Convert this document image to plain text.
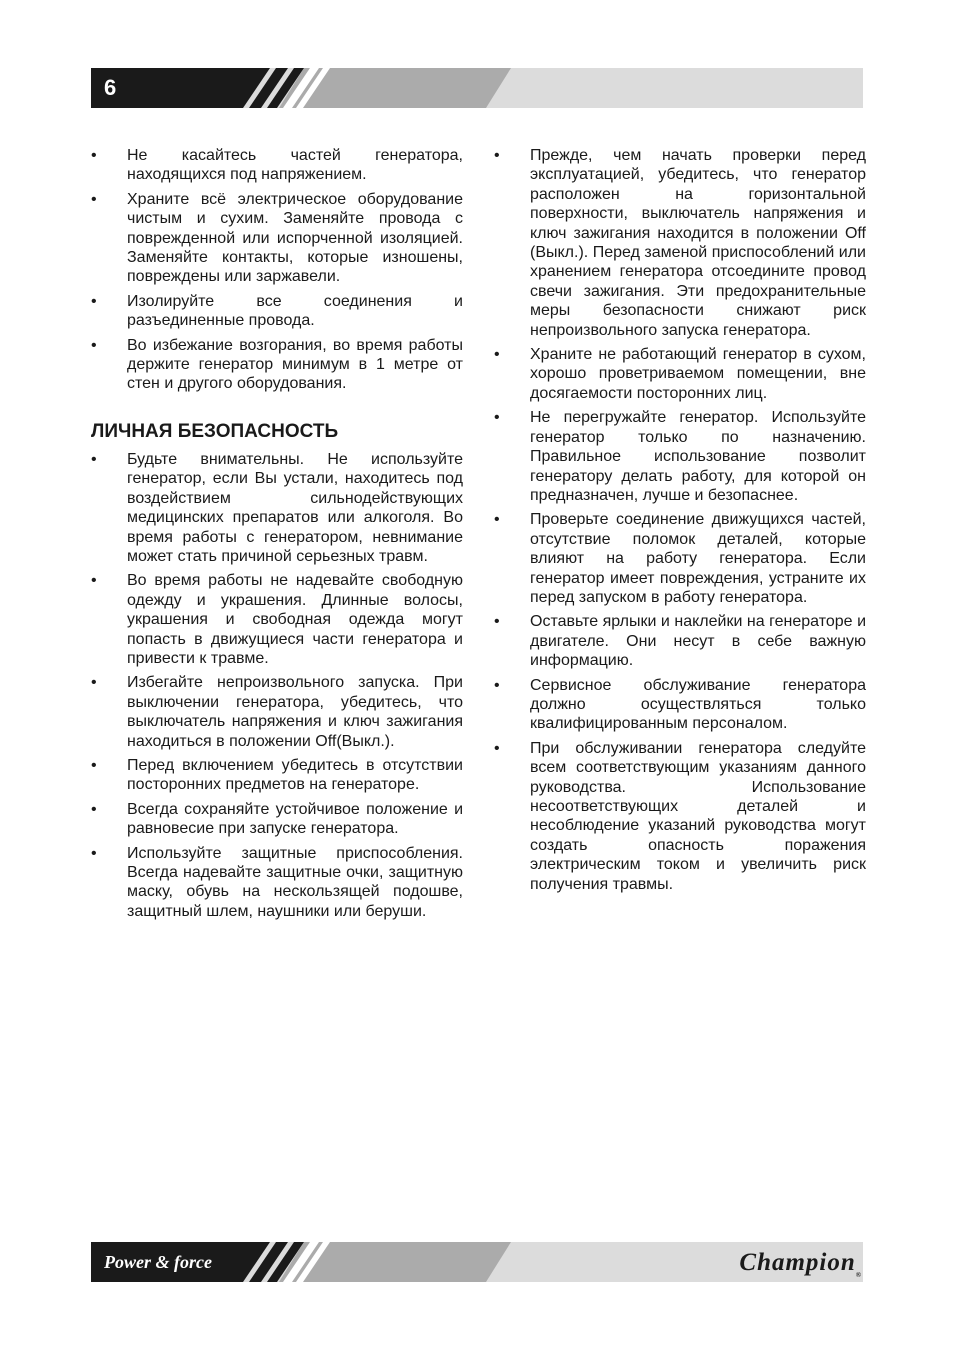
6
• Не касайтесь частей генератора, находящихся под напряжением.
• Храните всё электрическое оборудование чистым и сухим. Заменяйте провода с поврежденной или испорченной изоляцией. Заменяйте контакты, которые изношены, повреждены или заржавели.
• Изолируйте все соединения и разъединенные провода.
• Во избежание возгорания, во время работы держите генератор минимум в 1 метре от стен и другого оборудования.
ЛИЧНАЯ БЕЗОПАСНОСТЬ
• Будьте внимательны. Не используйте генератор, если Вы устали, находитесь под воздействием сильнодействующих медицинских препаратов или алкоголя. Во время работы с генератором, невнимание может стать причиной серьезных травм.
• Во время работы не надевайте свободную одежду и украшения. Длинные волосы, украшения и свободная одежда могут попасть в движущиеся части генератора и привести к травме.
• Избегайте непроизвольного запуска. При выключении генератора, убедитесь, что выключатель напряжения и ключ зажигания находиться в положении Off(Выкл.).
• Перед включением убедитесь в отсутствии посторонних предметов на генераторе.
• Всегда сохраняйте устойчивое положение и равновесие при запуске генератора.
• Используйте защитные приспособления. Всегда надевайте защитные очки, защитную маску, обувь на нескользящей подошве, защитный шлем, наушники или беруши.
• Прежде, чем начать проверки перед эксплуатацией, убедитесь, что генератор расположен на горизонтальной поверхности, выключатель напряжения и ключ зажигания находится в положении Off (Выкл.). Перед заменой приспособлений или хранением генератора отсоедините провод свечи зажигания. Эти предохранительные меры безопасности снижают риск непроизвольного запуска генератора.
• Храните не работающий генератор в сухом, хорошо проветриваемом помещении, вне досягаемости посторонних лиц.
• Не перегружайте генератор. Используйте генератор только по назначению. Правильное использование позволит генератору делать работу, для которой он предназначен, лучше и безопаснее.
• Проверьте соединение движущихся частей, отсутствие поломок деталей, которые влияют на работу генератора. Если генератор имеет повреждения, устраните их перед запуском в работу генератора.
• Оставьте ярлыки и наклейки на генераторе и двигателе. Они несут в себе важную информацию.
• Сервисное обслуживание генератора должно осуществляться только квалифицированным персоналом.
• При обслуживании генератора следуйте всем соответствующим указаниям данного руководства. Использование несоответствующих деталей и несоблюдение указаний руководства могут создать опасность поражения электрическим током и увеличить риск получения травмы.
Power & force	Champion®
